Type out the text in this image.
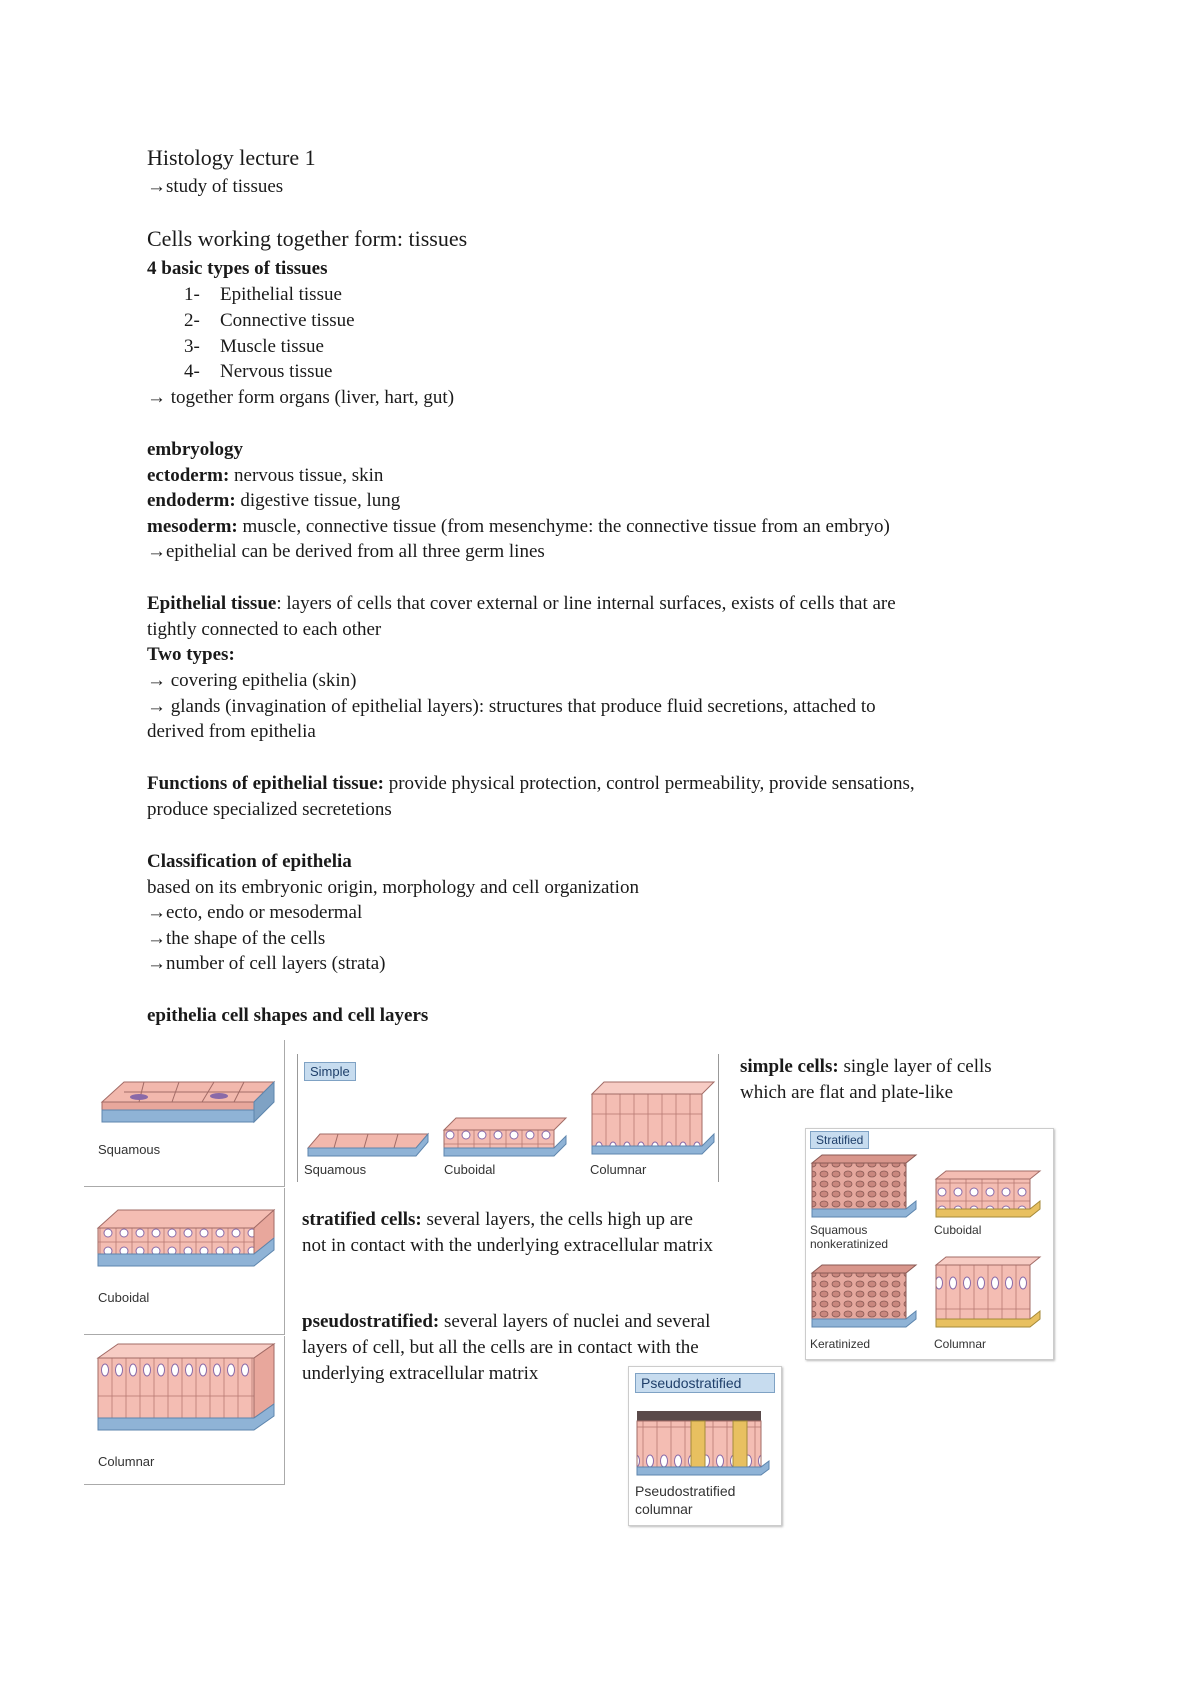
Histology lecture 1
→study of tissues
Cells working together form: tissues
4 basic types of tissues
1- Epithelial tissue
2- Connective tissue
3- Muscle tissue
4- Nervous tissue
→ together form organs (liver, hart, gut)
embryology
ectoderm: nervous tissue, skin
endoderm: digestive tissue, lung
mesoderm: muscle, connective tissue (from mesenchyme: the connective tissue from an embryo)
→epithelial can be derived from all three germ lines
Epithelial tissue: layers of cells that cover external or line internal surfaces, exists of cells that are
tightly connected to each other
Two types:
→ covering epithelia (skin)
→ glands (invagination of epithelial layers): structures that produce fluid secretions, attached to
derived from epithelia
Functions of epithelial tissue: provide physical protection, control permeability, provide sensations,
produce specialized secretetions
Classification of epithelia
based on its embryonic origin, morphology and cell organization
→ecto, endo or mesodermal
→the shape of the cells
→number of cell layers (strata)
epithelia cell shapes and cell layers
simple cells: single layer of cells
which are flat and plate-like
stratified cells: several layers, the cells high up are
not in contact with the underlying extracellular matrix
pseudostratified: several layers of nuclei and several
layers of cell, but all the cells are in contact with the
underlying extracellular matrix
Squamous
Cuboidal
Columnar
Simple
Squamous	Cuboidal	Columnar
Stratified
Squamous
nonkeratinized
Cuboidal
Keratinized	Columnar
Pseudostratified
Pseudostratified
columnar
